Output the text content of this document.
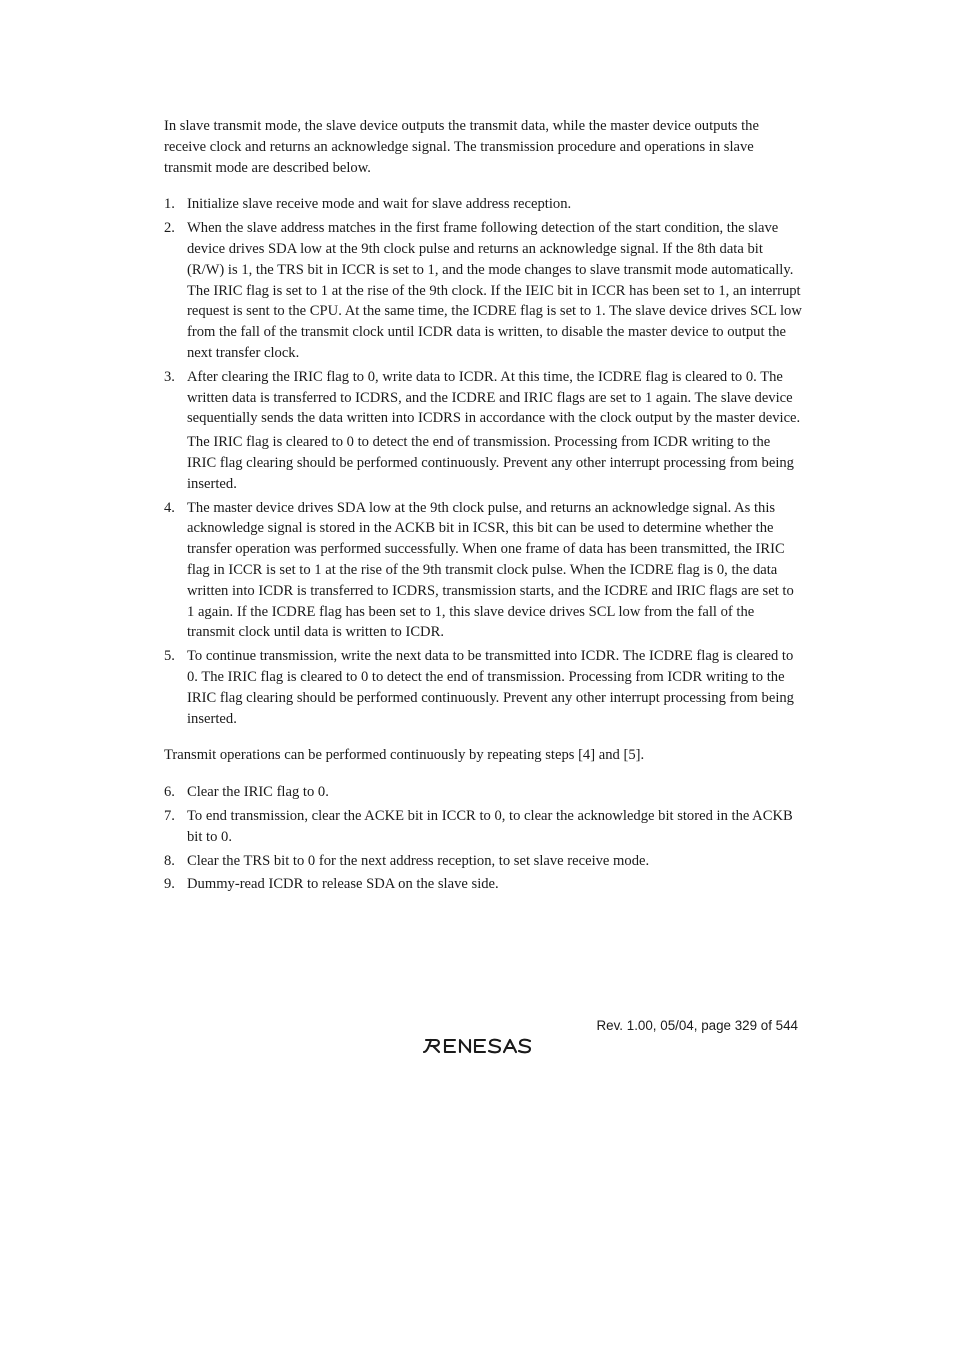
In slave transmit mode, the slave device outputs the transmit data, while the master device outputs the receive clock and returns an acknowledge signal. The transmission procedure and operations in slave transmit mode are described below.

1. Initialize slave receive mode and wait for slave address reception.

2. When the slave address matches in the first frame following detection of the start condition, the slave device drives SDA low at the 9th clock pulse and returns an acknowledge signal. If the 8th data bit (R/W) is 1, the TRS bit in ICCR is set to 1, and the mode changes to slave transmit mode automatically. The IRIC flag is set to 1 at the rise of the 9th clock. If the IEIC bit in ICCR has been set to 1, an interrupt request is sent to the CPU. At the same time, the ICDRE flag is set to 1. The slave device drives SCL low from the fall of the transmit clock until ICDR data is written, to disable the master device to output the next transfer clock.

3. After clearing the IRIC flag to 0, write data to ICDR. At this time, the ICDRE flag is cleared to 0. The written data is transferred to ICDRS, and the ICDRE and IRIC flags are set to 1 again. The slave device sequentially sends the data written into ICDRS in accordance with the clock output by the master device.

The IRIC flag is cleared to 0 to detect the end of transmission. Processing from ICDR writing to the IRIC flag clearing should be performed continuously. Prevent any other interrupt processing from being inserted.

4. The master device drives SDA low at the 9th clock pulse, and returns an acknowledge signal. As this acknowledge signal is stored in the ACKB bit in ICSR, this bit can be used to determine whether the transfer operation was performed successfully. When one frame of data has been transmitted, the IRIC flag in ICCR is set to 1 at the rise of the 9th transmit clock pulse. When the ICDRE flag is 0, the data written into ICDR is transferred to ICDRS, transmission starts, and the ICDRE and IRIC flags are set to 1 again. If the ICDRE flag has been set to 1, this slave device drives SCL low from the fall of the transmit clock until data is written to ICDR.

5. To continue transmission, write the next data to be transmitted into ICDR. The ICDRE flag is cleared to 0. The IRIC flag is cleared to 0 to detect the end of transmission. Processing from ICDR writing to the IRIC flag clearing should be performed continuously. Prevent any other interrupt processing from being inserted.

Transmit operations can be performed continuously by repeating steps [4] and [5].

6. Clear the IRIC flag to 0.

7. To end transmission, clear the ACKE bit in ICCR to 0, to clear the acknowledge bit stored in the ACKB bit to 0.

8. Clear the TRS bit to 0 for the next address reception, to set slave receive mode.

9. Dummy-read ICDR to release SDA on the slave side.

Rev. 1.00, 05/04, page 329 of 544
